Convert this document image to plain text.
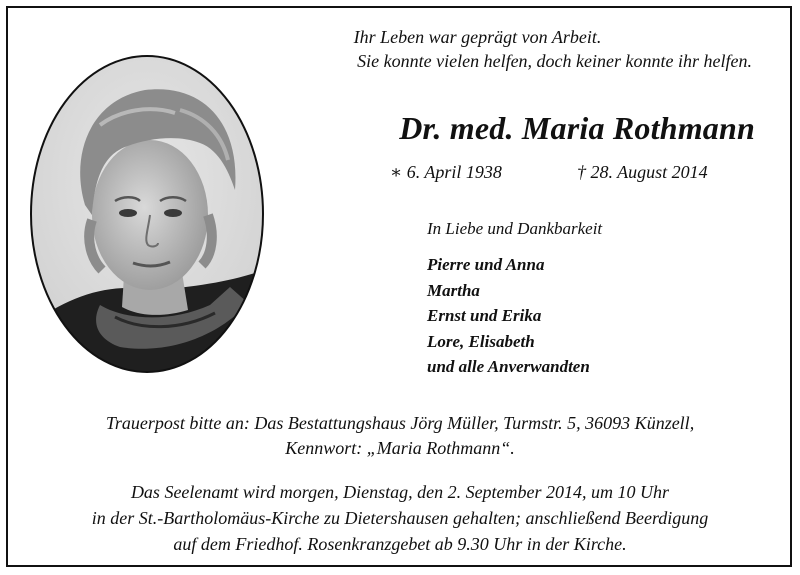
Ihr Leben war geprägt von Arbeit.
Sie konnte vielen helfen, doch keiner konnte ihr helfen.
Dr. med. Maria Rothmann
∗ 6. April 1938	† 28. August 2014
In Liebe und Dankbarkeit
Pierre und Anna
Martha
Ernst und Erika
Lore, Elisabeth
und alle Anverwandten
Trauerpost bitte an: Das Bestattungshaus Jörg Müller, Turmstr. 5, 36093 Künzell,
Kennwort: „Maria Rothmann“.
Das Seelenamt wird morgen, Dienstag, den 2. September 2014, um 10 Uhr
in der St.-Bartholomäus-Kirche zu Dietershausen gehalten; anschließend Beerdigung
auf dem Friedhof. Rosenkranzgebet ab 9.30 Uhr in der Kirche.
